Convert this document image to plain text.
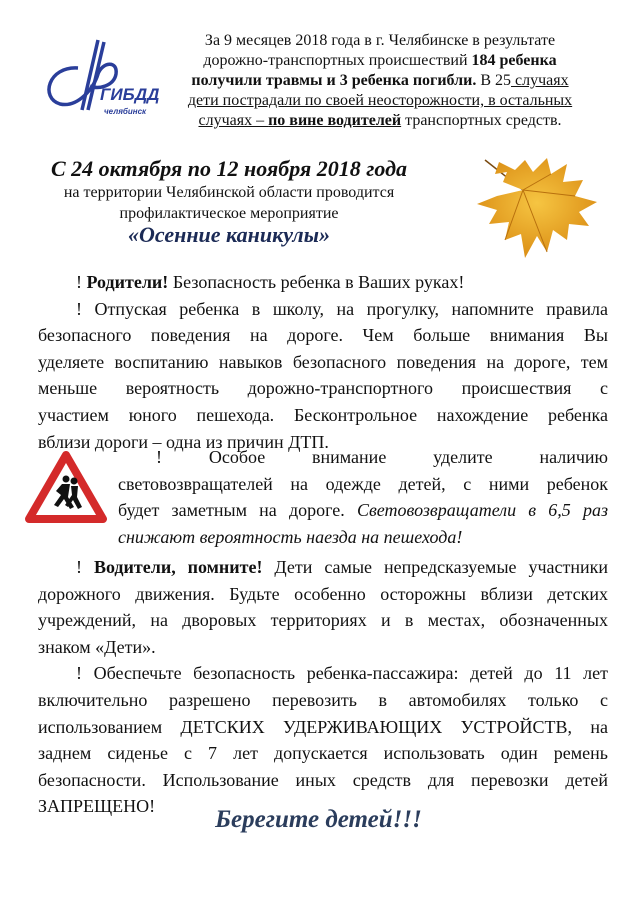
ГИБДД
челябинск
За 9 месяцев 2018 года в г. Челябинске в результате
дорожно-транспортных происшествий 184 ребенка
получили травмы и 3 ребенка погибли. В 25 случаях
дети пострадали по своей неосторожности, в остальных
случаях – по вине водителей транспортных средств.
С 24 октября по 12 ноября 2018 года
на территории Челябинской области проводится
профилактическое мероприятие
«Осенние каникулы»
! Родители! Безопасность ребенка в Ваших руках!
! Отпуская ребенка в школу, на прогулку, напомните правила
безопасного поведения на дороге. Чем больше внимания Вы
уделяете воспитанию навыков безопасного поведения на дороге, тем
меньше вероятность дорожно-транспортного происшествия с
участием юного пешехода. Бесконтрольное нахождение ребенка
вблизи дороги – одна из причин ДТП.
! Особое внимание уделите наличию
световозвращателей на одежде детей, с ними ребенок
будет заметным на дороге. Световозвращатели в 6,5 раз
снижают вероятность наезда на пешехода!
! Водители, помните! Дети самые непредсказуемые участники
дорожного движения. Будьте особенно осторожны вблизи детских
учреждений, на дворовых территориях и в местах, обозначенных
знаком «Дети».
! Обеспечьте безопасность ребенка-пассажира: детей до 11 лет
включительно разрешено перевозить в автомобилях только с
использованием ДЕТСКИХ УДЕРЖИВАЮЩИХ УСТРОЙСТВ, на
заднем сиденье с 7 лет допускается использовать один ремень
безопасности. Использование иных средств для перевозки детей
ЗАПРЕЩЕНО!	Берегите детей!!!
